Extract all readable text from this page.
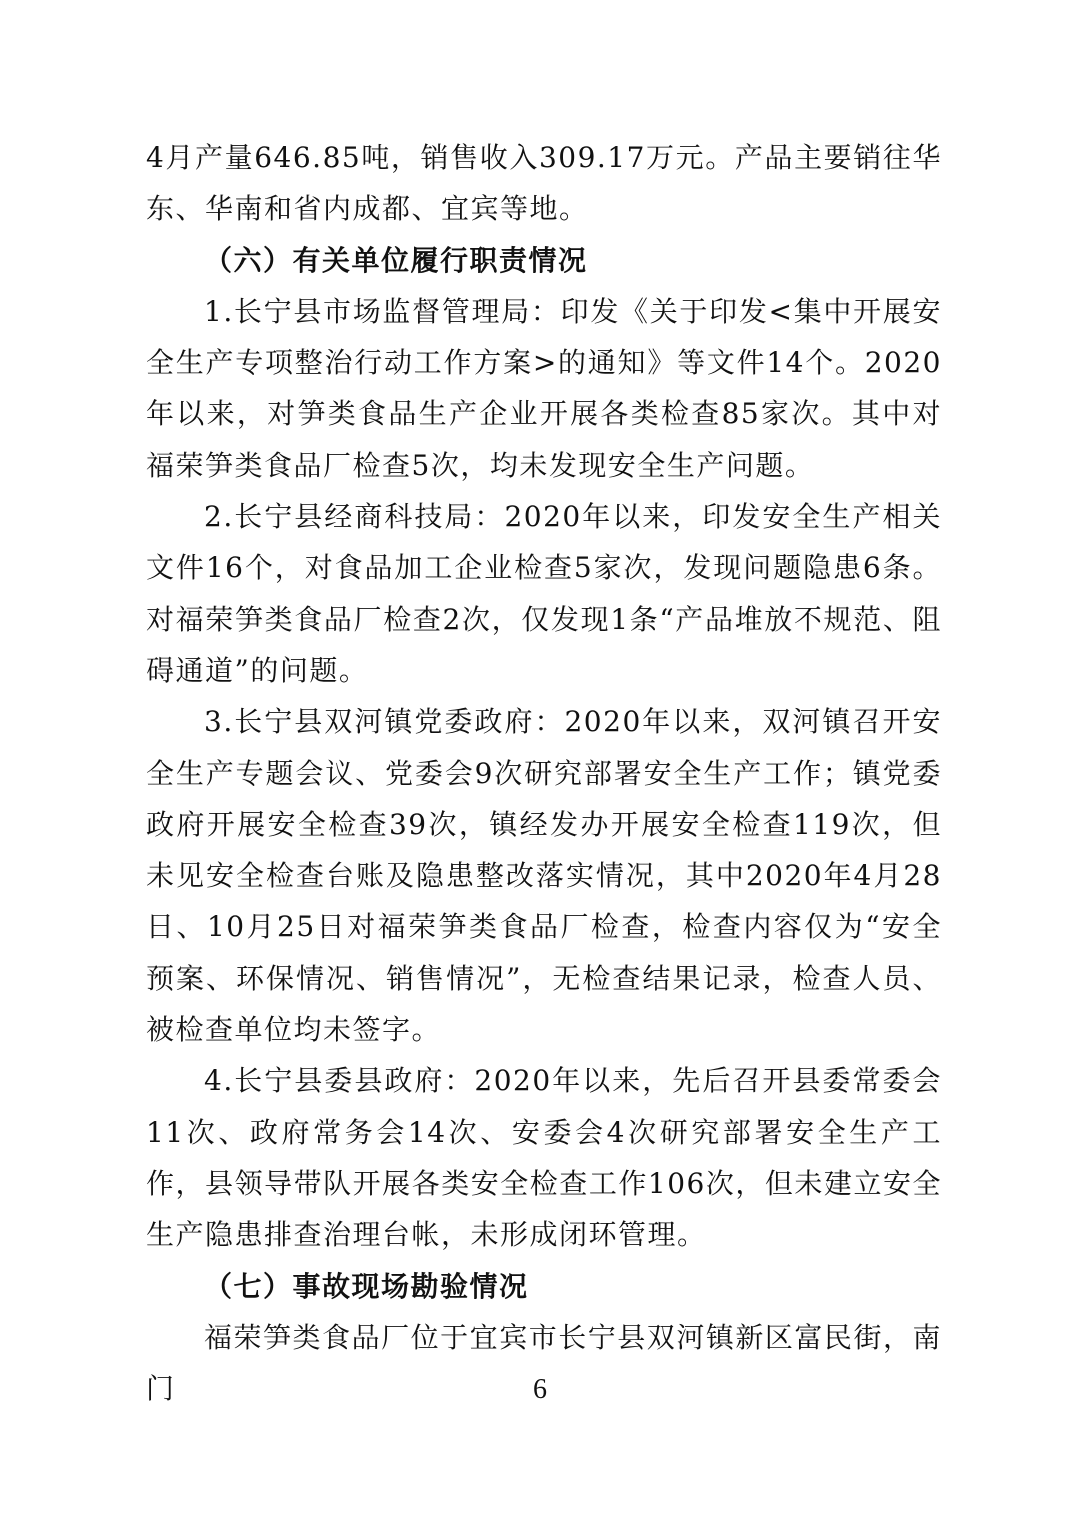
4月产量646.85吨，销售收入309.17万元。产品主要销往华东、华南和省内成都、宜宾等地。

（六）有关单位履行职责情况

1.长宁县市场监督管理局：印发《关于印发<集中开展安全生产专项整治行动工作方案>的通知》等文件14个。2020年以来，对笋类食品生产企业开展各类检查85家次。其中对福荣笋类食品厂检查5次，均未发现安全生产问题。

2.长宁县经商科技局：2020年以来，印发安全生产相关文件16个，对食品加工企业检查5家次，发现问题隐患6条。对福荣笋类食品厂检查2次，仅发现1条“产品堆放不规范、阻碍通道”的问题。

3.长宁县双河镇党委政府：2020年以来，双河镇召开安全生产专题会议、党委会9次研究部署安全生产工作；镇党委政府开展安全检查39次，镇经发办开展安全检查119次，但未见安全检查台账及隐患整改落实情况，其中2020年4月28日、10月25日对福荣笋类食品厂检查，检查内容仅为“安全预案、环保情况、销售情况”，无检查结果记录，检查人员、被检查单位均未签字。

4.长宁县委县政府：2020年以来，先后召开县委常委会11次、政府常务会14次、安委会4次研究部署安全生产工作，县领导带队开展各类安全检查工作106次，但未建立安全生产隐患排查治理台帐，未形成闭环管理。

（七）事故现场勘验情况

福荣笋类食品厂位于宜宾市长宁县双河镇新区富民街，南门	6
